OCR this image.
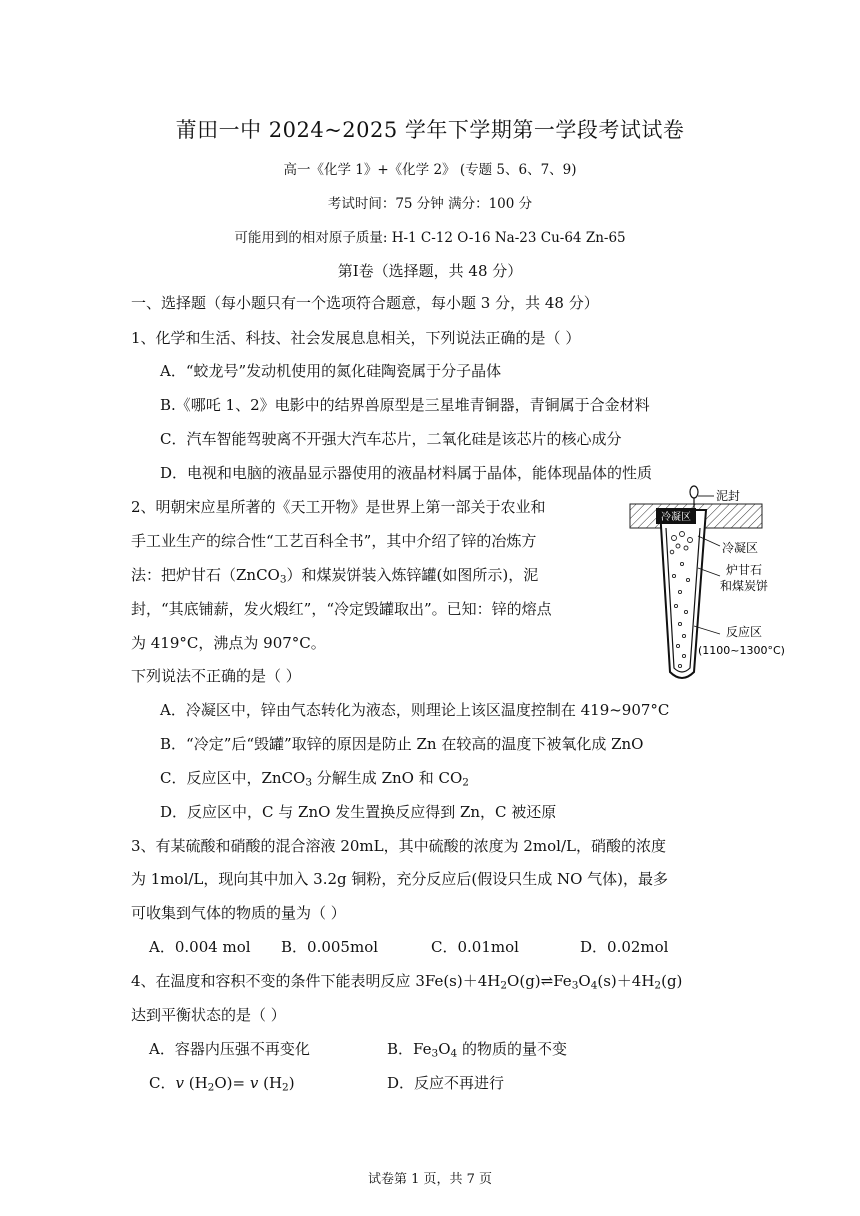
莆田一中 2024~2025 学年下学期第一学段考试试卷
高一《化学 1》+《化学 2》 (专题 5、6、7、9)
考试时间：75 分钟 满分：100 分
可能用到的相对原子质量: H-1 C-12 O-16 Na-23 Cu-64 Zn-65
第Ⅰ卷（选择题，共 48 分）
一、选择题（每小题只有一个选项符合题意，每小题 3 分，共 48 分）
1、化学和生活、科技、社会发展息息相关，下列说法正确的是（ ）
A．“蛟龙号”发动机使用的氮化硅陶瓷属于分子晶体
B.《哪吒 1、2》电影中的结界兽原型是三星堆青铜器，青铜属于合金材料
C．汽车智能驾驶离不开强大汽车芯片，二氧化硅是该芯片的核心成分
D．电视和电脑的液晶显示器使用的液晶材料属于晶体，能体现晶体的性质
2、明朝宋应星所著的《天工开物》是世界上第一部关于农业和
手工业生产的综合性“工艺百科全书”，其中介绍了锌的冶炼方
法：把炉甘石（ZnCO$_3$）和煤炭饼装入炼锌罐(如图所示)，泥
封，“其底铺薪，发火煅红”，“冷定毁罐取出”。已知：锌的熔点
为 419°C，沸点为 907°C。
下列说法不正确的是（ ）
A．冷凝区中，锌由气态转化为液态，则理论上该区温度控制在 419~907°C
B．“冷定”后“毁罐”取锌的原因是防止 Zn 在较高的温度下被氧化成 ZnO
C．反应区中，ZnCO$_3$ 分解生成 ZnO 和 $CO_2$
D．反应区中，C 与 ZnO 发生置换反应得到 Zn，C 被还原
冷凝区
泥封
冷凝区
炉甘石
和煤炭饼
反应区
(1100~1300°C)
3、有某硫酸和硝酸的混合溶液 20mL，其中硫酸的浓度为 2mol/L，硝酸的浓度
为 1mol/L，现向其中加入 3.2g 铜粉，充分反应后(假设只生成 NO 气体)，最多
可收集到气体的物质的量为（ ）
A．0.004 mol B．0.005mol	C．0.01mol	D．0.02mol
4、在温度和容积不变的条件下能表明反应 $3Fe(s)+4H_2O(g)\rightleftharpoons Fe_3O_4(s)+4H_2(g)$
达到平衡状态的是（ ）
A．容器内压强不再变化	B．$Fe_3O_4$ 的物质的量不变
C．v $(H_2O)= v$ $(H_2)$	D．反应不再进行
试卷第 1 页，共 7 页
